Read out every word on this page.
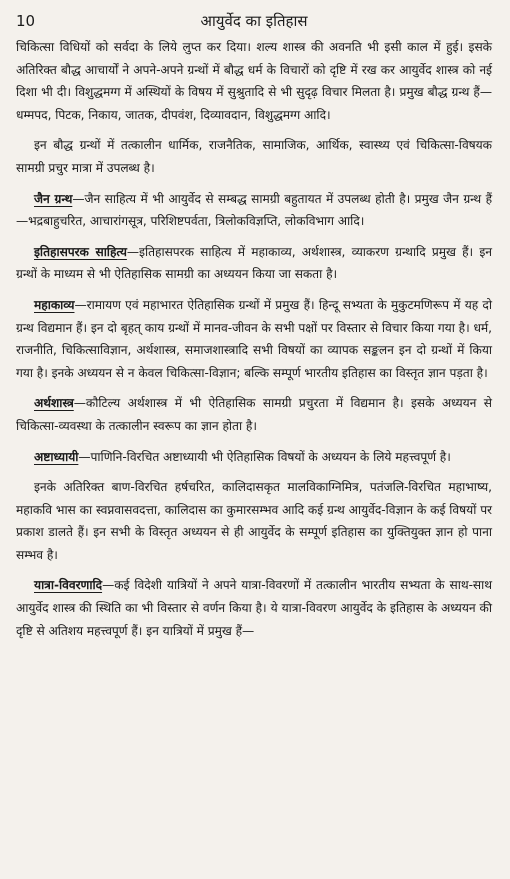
10	आयुर्वेद का इतिहास

चिकित्सा विधियों को सर्वदा के लिये लुप्त कर दिया। शल्य शास्त्र की अवनति भी इसी काल में हुई। इसके अतिरिक्त बौद्ध आचार्यों ने अपने-अपने ग्रन्थों में बौद्ध धर्म के विचारों को दृष्टि में रख कर आयुर्वेद शास्त्र को नई दिशा भी दी। विशुद्धमग्ग में अस्थियों के विषय में सुश्रुतादि से भी सुदृढ़ विचार मिलता है। प्रमुख बौद्ध ग्रन्थ हैं—धम्मपद, पिटक, निकाय, जातक, दीपवंश, दिव्यावदान, विशुद्धमग्ग आदि।

इन बौद्ध ग्रन्थों में तत्कालीन धार्मिक, राजनैतिक, सामाजिक, आर्थिक, स्वास्थ्य एवं चिकित्सा-विषयक सामग्री प्रचुर मात्रा में उपलब्ध है।

जैन ग्रन्थ—जैन साहित्य में भी आयुर्वेद से सम्बद्ध सामग्री बहुतायत में उपलब्ध होती है। प्रमुख जैन ग्रन्थ हैं—भद्रबाहुचरित, आचारांगसूत्र, परिशिष्टपर्वता, त्रिलोकविज्ञप्ति, लोकविभाग आदि।

इतिहासपरक साहित्य—इतिहासपरक साहित्य में महाकाव्य, अर्थशास्त्र, व्याकरण ग्रन्थादि प्रमुख हैं। इन ग्रन्थों के माध्यम से भी ऐतिहासिक सामग्री का अध्ययन किया जा सकता है।

महाकाव्य—रामायण एवं महाभारत ऐतिहासिक ग्रन्थों में प्रमुख हैं। हिन्दू सभ्यता के मुकुटमणिरूप में यह दो ग्रन्थ विद्यमान हैं। इन दो बृहत् काय ग्रन्थों में मानव-जीवन के सभी पक्षों पर विस्तार से विचार किया गया है। धर्म, राजनीति, चिकित्साविज्ञान, अर्थशास्त्र, समाजशास्त्रादि सभी विषयों का व्यापक सङ्कलन इन दो ग्रन्थों में किया गया है। इनके अध्ययन से न केवल चिकित्सा-विज्ञान; बल्कि सम्पूर्ण भारतीय इतिहास का विस्तृत ज्ञान पड़ता है।

अर्थशास्त्र—कौटिल्य अर्थशास्त्र में भी ऐतिहासिक सामग्री प्रचुरता में विद्यमान है। इसके अध्ययन से चिकित्सा-व्यवस्था के तत्कालीन स्वरूप का ज्ञान होता है।

अष्टाध्यायी—पाणिनि-विरचित अष्टाध्यायी भी ऐतिहासिक विषयों के अध्ययन के लिये महत्त्वपूर्ण है।

इनके अतिरिक्त बाण-विरचित हर्षचरित, कालिदासकृत मालविकाग्निमित्र, पतंजलि-विरचित महाभाष्य, महाकवि भास का स्वप्नवासवदत्ता, कालिदास का कुमारसम्भव आदि कई ग्रन्थ आयुर्वेद-विज्ञान के कई विषयों पर प्रकाश डालते हैं। इन सभी के विस्तृत अध्ययन से ही आयुर्वेद के सम्पूर्ण इतिहास का युक्तियुक्त ज्ञान हो पाना सम्भव है।

यात्रा-विवरणादि—कई विदेशी यात्रियों ने अपने यात्रा-विवरणों में तत्कालीन भारतीय सभ्यता के साथ-साथ आयुर्वेद शास्त्र की स्थिति का भी विस्तार से वर्णन किया है। ये यात्रा-विवरण आयुर्वेद के इतिहास के अध्ययन की दृष्टि से अतिशय महत्त्वपूर्ण हैं। इन यात्रियों में प्रमुख हैं—
